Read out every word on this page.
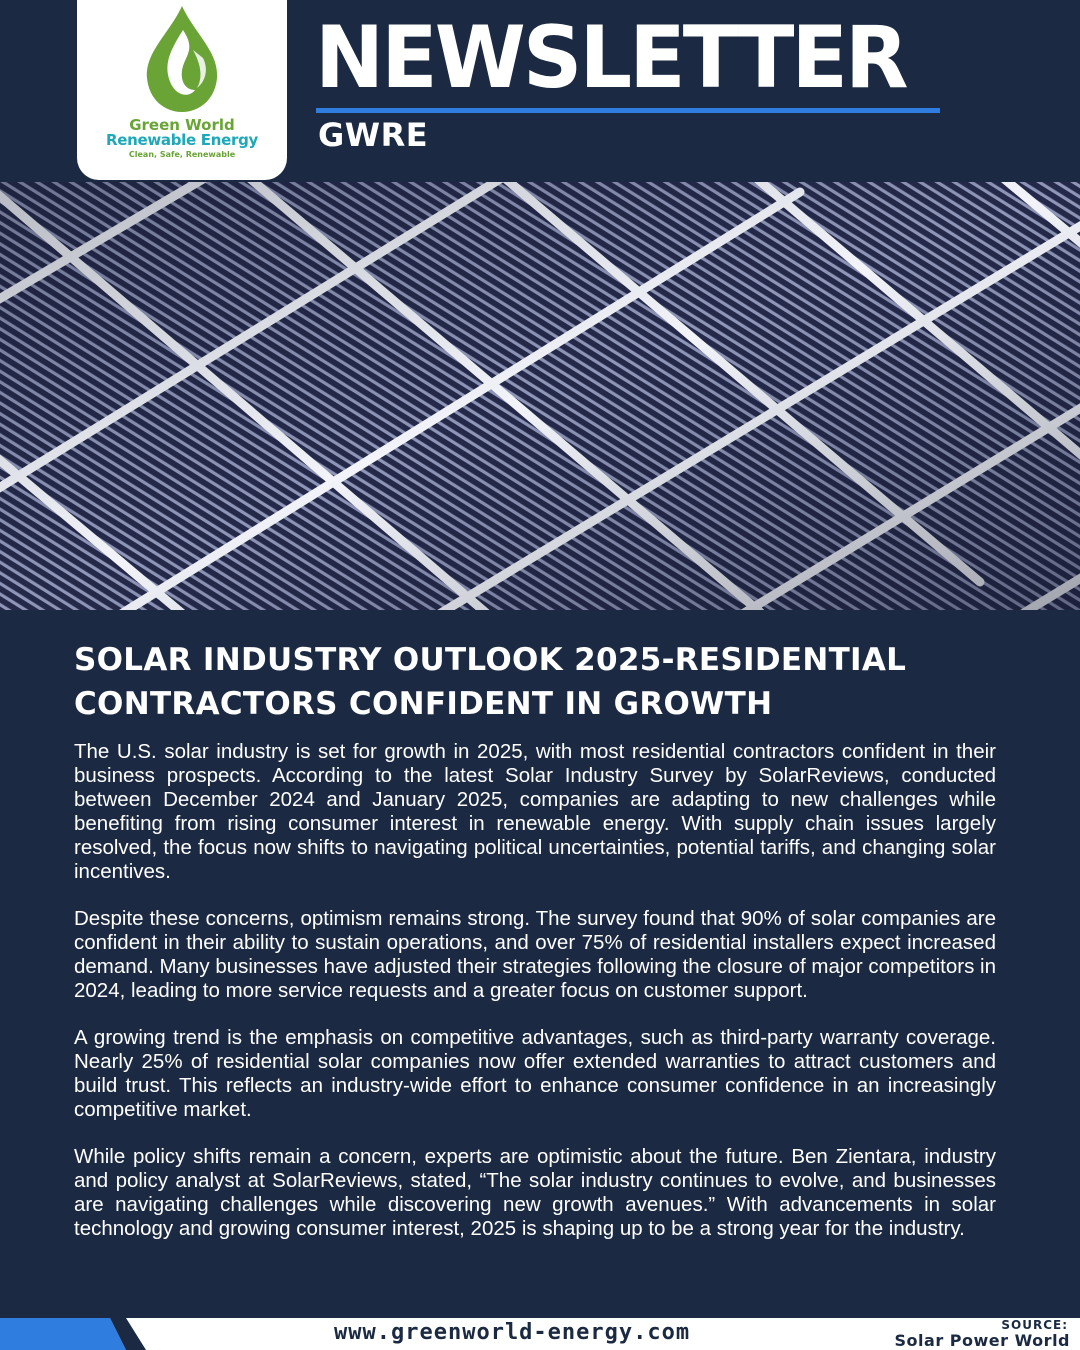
Green World
Renewable Energy
Clean, Safe, Renewable
NEWSLETTER
GWRE
SOLAR INDUSTRY OUTLOOK 2025-RESIDENTIAL CONTRACTORS CONFIDENT IN GROWTH

The U.S. solar industry is set for growth in 2025, with most residential contractors confident in their business prospects. According to the latest Solar Industry Survey by SolarReviews, conducted between December 2024 and January 2025, companies are adapting to new challenges while benefiting from rising consumer interest in renewable energy. With supply chain issues largely resolved, the focus now shifts to navigating political uncertainties, potential tariffs, and changing solar incentives.

Despite these concerns, optimism remains strong. The survey found that 90% of solar companies are confident in their ability to sustain operations, and over 75% of residential installers expect increased demand. Many businesses have adjusted their strategies following the closure of major competitors in 2024, leading to more service requests and a greater focus on customer support.

A growing trend is the emphasis on competitive advantages, such as third-party warranty coverage. Nearly 25% of residential solar companies now offer extended warranties to attract customers and build trust. This reflects an industry-wide effort to enhance consumer confidence in an increasingly competitive market.

While policy shifts remain a concern, experts are optimistic about the future. Ben Zientara, industry and policy analyst at SolarReviews, stated, “The solar industry continues to evolve, and businesses are navigating challenges while discovering new growth avenues.” With advancements in solar technology and growing consumer interest, 2025 is shaping up to be a strong year for the industry.

www.greenworld-energy.com	SOURCE:
Solar Power World
